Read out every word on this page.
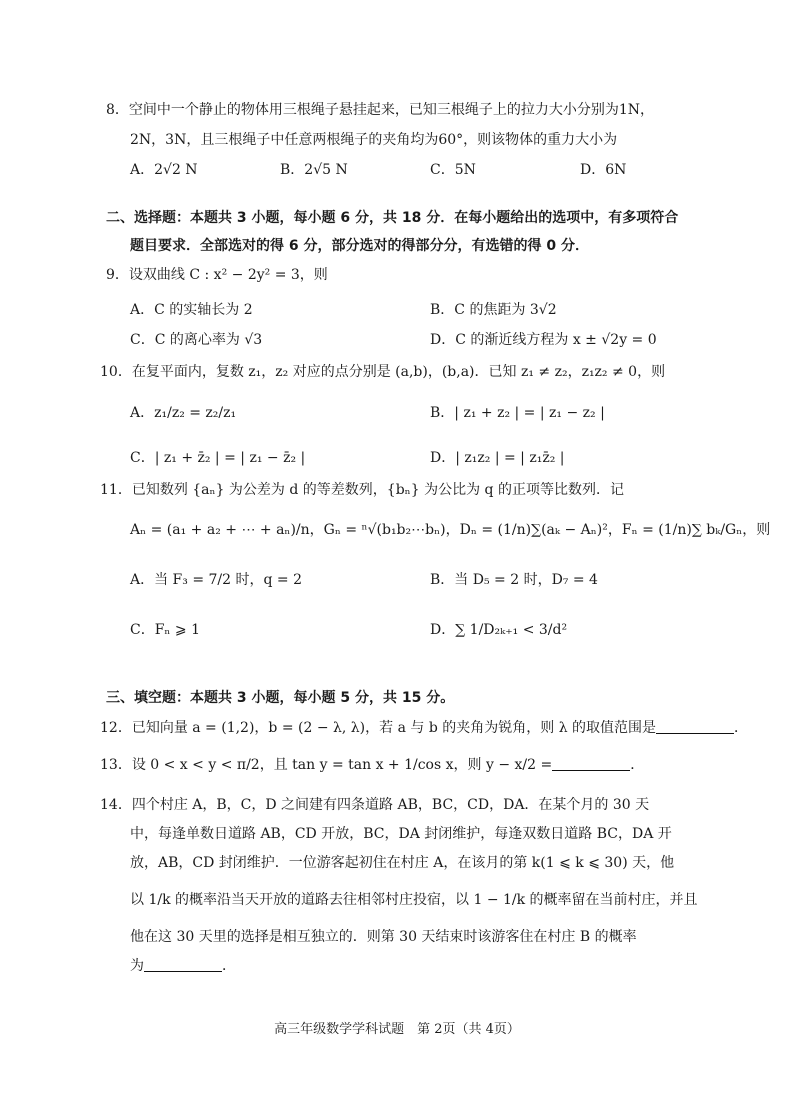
8．空间中一个静止的物体用三根绳子悬挂起来，已知三根绳子上的拉力大小分别为1N，
2N，3N，且三根绳子中任意两根绳子的夹角均为60°，则该物体的重力大小为
A．2√2 N	B．2√5 N	C．5N	D．6N
二、选择题：本题共 3 小题，每小题 6 分，共 18 分．在每小题给出的选项中，有多项符合
题目要求．全部选对的得 6 分，部分选对的得部分分，有选错的得 0 分．
9．设双曲线 C : x² − 2y² = 3，则
A．C 的实轴长为 2	B．C 的焦距为 3√2
C．C 的离心率为 √3	D．C 的渐近线方程为 x ± √2y = 0
10．在复平面内，复数 z₁，z₂ 对应的点分别是 (a,b)，(b,a)．已知 z₁ ≠ z₂，z₁z₂ ≠ 0，则
A．z₁/z₂ = z₂/z₁	B．| z₁ + z₂ | = | z₁ − z₂ |
C．| z₁ + z̄₂ | = | z₁ − z̄₂ |	D．| z₁z₂ | = | z₁z̄₂ |
11．已知数列 {aₙ} 为公差为 d 的等差数列，{bₙ} 为公比为 q 的正项等比数列．记
Aₙ = (a₁ + a₂ + ⋯ + aₙ)/n，Gₙ = ⁿ√(b₁b₂⋯bₙ)，Dₙ = (1/n)∑(aₖ − Aₙ)²，Fₙ = (1/n)∑ bₖ/Gₙ，则
A．当 F₃ = 7/2 时，q = 2	B．当 D₅ = 2 时，D₇ = 4
C．Fₙ ⩾ 1	D．∑ 1/D₂ₖ₊₁ < 3/d²
三、填空题：本题共 3 小题，每小题 5 分，共 15 分。
12．已知向量 a = (1,2)，b = (2 − λ, λ)，若 a 与 b 的夹角为锐角，则 λ 的取值范围是	．
13．设 0 < x < y < π/2，且 tan y = tan x + 1/cos x，则 y − x/2 =	．
14．四个村庄 A，B，C，D 之间建有四条道路 AB，BC，CD，DA．在某个月的 30 天
中，每逢单数日道路 AB，CD 开放，BC，DA 封闭维护，每逢双数日道路 BC，DA 开
放，AB，CD 封闭维护．一位游客起初住在村庄 A，在该月的第 k(1 ⩽ k ⩽ 30) 天，他
以 1/k 的概率沿当天开放的道路去往相邻村庄投宿，以 1 − 1/k 的概率留在当前村庄，并且
他在这 30 天里的选择是相互独立的．则第 30 天结束时该游客住在村庄 B 的概率
为	．
高三年级数学学科试题　第 2页（共 4页）
